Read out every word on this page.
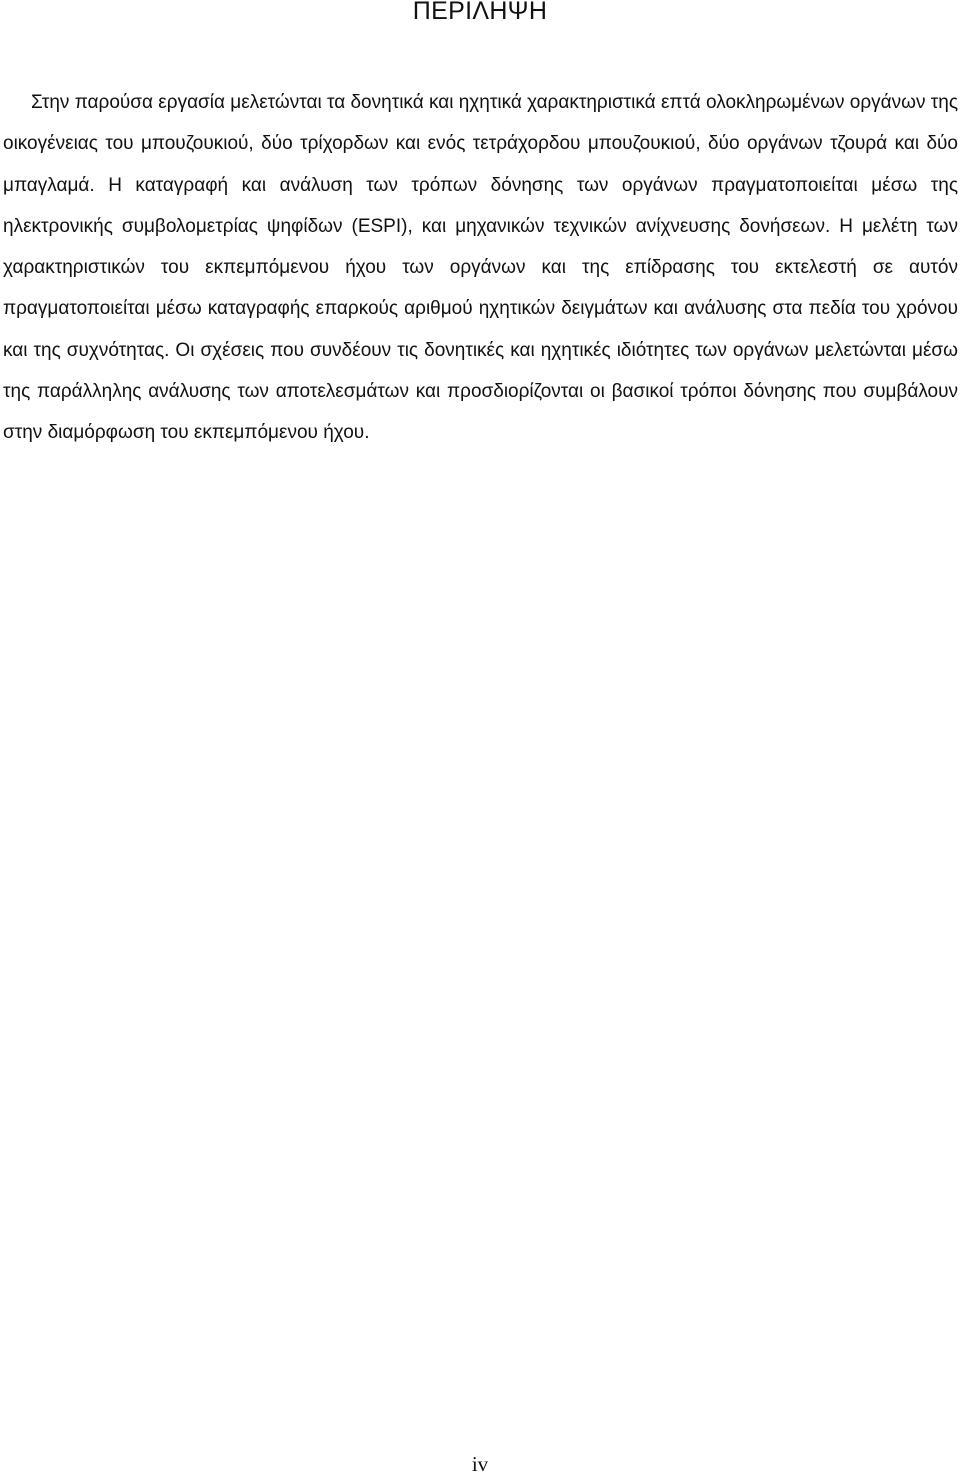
ΠΕΡΙΛΗΨΗ

Στην παρούσα εργασία μελετώνται τα δονητικά και ηχητικά χαρακτηριστικά επτά ολοκληρωμένων οργάνων της οικογένειας του μπουζουκιού, δύο τρίχορδων και ενός τετράχορδου μπουζουκιού, δύο οργάνων τζουρά και δύο μπαγλαμά. Η καταγραφή και ανάλυση των τρόπων δόνησης των οργάνων πραγματοποιείται μέσω της ηλεκτρονικής συμβολομετρίας ψηφίδων (ESPI), και μηχανικών τεχνικών ανίχνευσης δονήσεων. Η μελέτη των χαρακτηριστικών του εκπεμπόμενου ήχου των οργάνων και της επίδρασης του εκτελεστή σε αυτόν πραγματοποιείται μέσω καταγραφής επαρκούς αριθμού ηχητικών δειγμάτων και ανάλυσης στα πεδία του χρόνου και της συχνότητας. Οι σχέσεις που συνδέουν τις δονητικές και ηχητικές ιδιότητες των οργάνων μελετώνται μέσω της παράλληλης ανάλυσης των αποτελεσμάτων και προσδιορίζονται οι βασικοί τρόποι δόνησης που συμβάλουν στην διαμόρφωση του εκπεμπόμενου ήχου.

iv
